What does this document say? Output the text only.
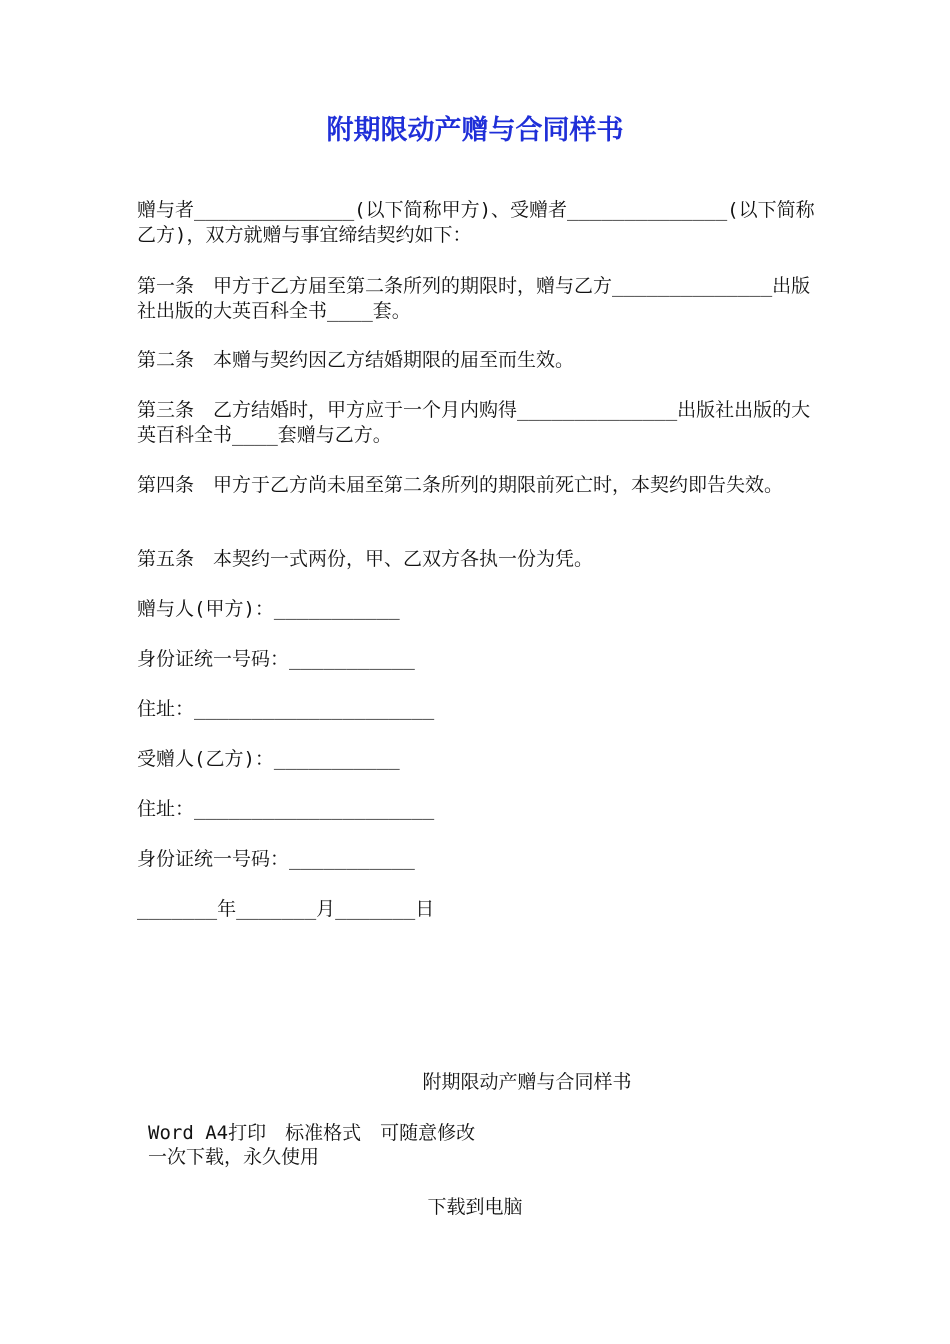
附期限动产赠与合同样书
赠与者______________(以下简称甲方)、受赠者______________(以下简称乙方)，双方就赠与事宜缔结契约如下：
第一条　甲方于乙方届至第二条所列的期限时，赠与乙方______________出版社出版的大英百科全书____套。
第二条　本赠与契约因乙方结婚期限的届至而生效。
第三条　乙方结婚时，甲方应于一个月内购得______________出版社出版的大英百科全书____套赠与乙方。
第四条　甲方于乙方尚未届至第二条所列的期限前死亡时，本契约即告失效。
第五条　本契约一式两份，甲、乙双方各执一份为凭。
赠与人(甲方)：___________
身份证统一号码：___________
住址：_____________________
受赠人(乙方)：___________
住址：_____________________
身份证统一号码：___________
_______年_______月_______日
附期限动产赠与合同样书
Word A4打印　标准格式　可随意修改
一次下载，永久使用
下载到电脑
